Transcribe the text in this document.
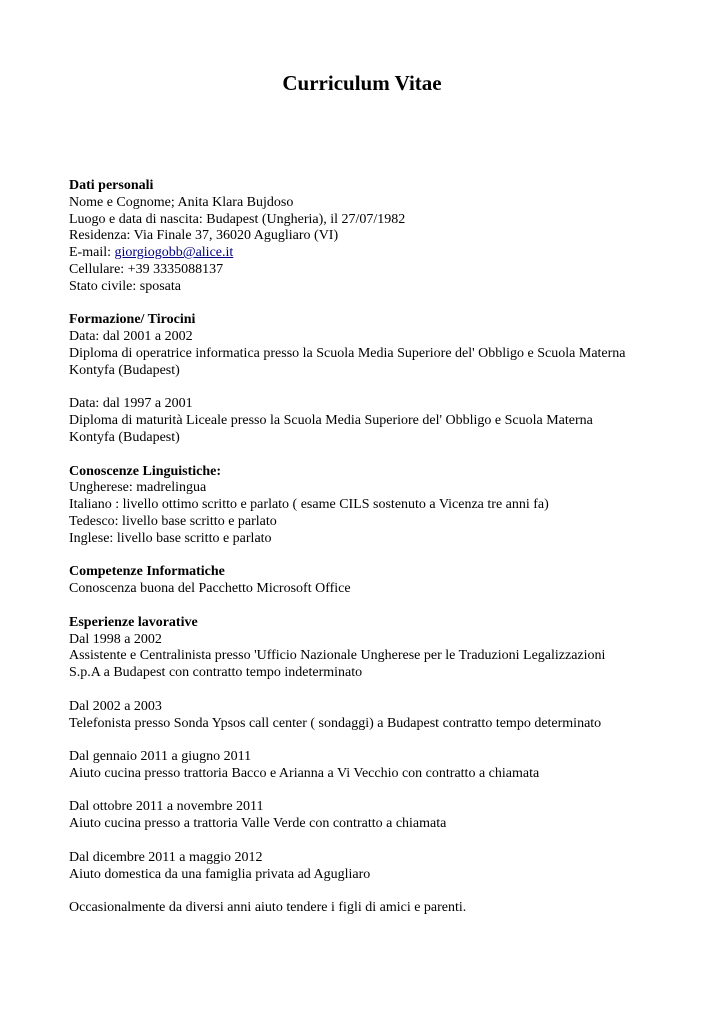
Curriculum Vitae
Dati personali
Nome e Cognome; Anita Klara Bujdoso
Luogo e data di nascita: Budapest (Ungheria), il 27/07/1982
Residenza: Via Finale 37, 36020 Agugliaro (VI)
E-mail: giorgiogobb@alice.it
Cellulare: +39 3335088137
Stato civile: sposata
Formazione/ Tirocini
Data: dal 2001 a 2002
Diploma di operatrice informatica presso la Scuola Media Superiore del' Obbligo e Scuola Materna
Kontyfa (Budapest)
Data: dal 1997 a 2001
Diploma di maturità Liceale presso la Scuola Media Superiore del' Obbligo e Scuola Materna
Kontyfa (Budapest)
Conoscenze Linguistiche:
Ungherese: madrelingua
Italiano : livello ottimo scritto e parlato ( esame CILS sostenuto a Vicenza tre anni fa)
Tedesco: livello base scritto e parlato
Inglese: livello base scritto e parlato
Competenze Informatiche
Conoscenza buona del Pacchetto Microsoft Office
Esperienze lavorative
Dal 1998 a 2002
Assistente e Centralinista presso 'Ufficio Nazionale Ungherese per le Traduzioni Legalizzazioni
S.p.A a Budapest con contratto tempo indeterminato
Dal 2002 a 2003
Telefonista presso Sonda Ypsos call center ( sondaggi) a Budapest contratto tempo determinato
Dal gennaio 2011 a giugno 2011
Aiuto cucina presso trattoria Bacco e Arianna a Vi Vecchio con contratto a chiamata
Dal ottobre 2011 a novembre 2011
Aiuto cucina presso a trattoria Valle Verde con contratto a chiamata
Dal dicembre 2011 a maggio 2012
Aiuto domestica da una famiglia privata ad Agugliaro
Occasionalmente da diversi anni aiuto tendere i figli di amici e parenti.
